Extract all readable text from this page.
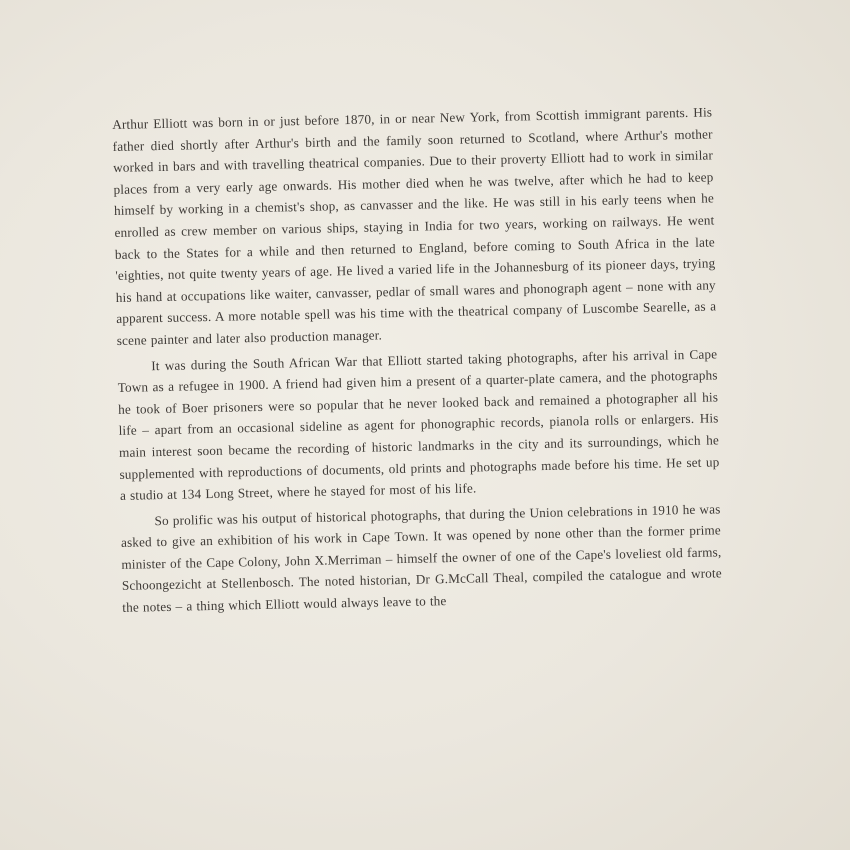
Arthur Elliott was born in or just before 1870, in or near New York, from Scottish immigrant parents. His father died shortly after Arthur's birth and the family soon returned to Scotland, where Arthur's mother worked in bars and with travelling theatrical companies. Due to their proverty Elliott had to work in similar places from a very early age onwards. His mother died when he was twelve, after which he had to keep himself by working in a chemist's shop, as canvasser and the like. He was still in his early teens when he enrolled as crew member on various ships, staying in India for two years, working on railways. He went back to the States for a while and then returned to England, before coming to South Africa in the late 'eighties, not quite twenty years of age. He lived a varied life in the Johannesburg of its pioneer days, trying his hand at occupations like waiter, canvasser, pedlar of small wares and phonograph agent – none with any apparent success. A more notable spell was his time with the theatrical company of Luscombe Searelle, as a scene painter and later also production manager.

It was during the South African War that Elliott started taking photographs, after his arrival in Cape Town as a refugee in 1900. A friend had given him a present of a quarter-plate camera, and the photographs he took of Boer prisoners were so popular that he never looked back and remained a photographer all his life – apart from an occasional sideline as agent for phonographic records, pianola rolls or enlargers. His main interest soon became the recording of historic landmarks in the city and its surroundings, which he supplemented with reproductions of documents, old prints and photographs made before his time. He set up a studio at 134 Long Street, where he stayed for most of his life.

So prolific was his output of historical photographs, that during the Union celebrations in 1910 he was asked to give an exhibition of his work in Cape Town. It was opened by none other than the former prime minister of the Cape Colony, John X.Merriman – himself the owner of one of the Cape's loveliest old farms, Schoongezicht at Stellenbosch. The noted historian, Dr G.McCall Theal, compiled the catalogue and wrote the notes – a thing which Elliott would always leave to the
